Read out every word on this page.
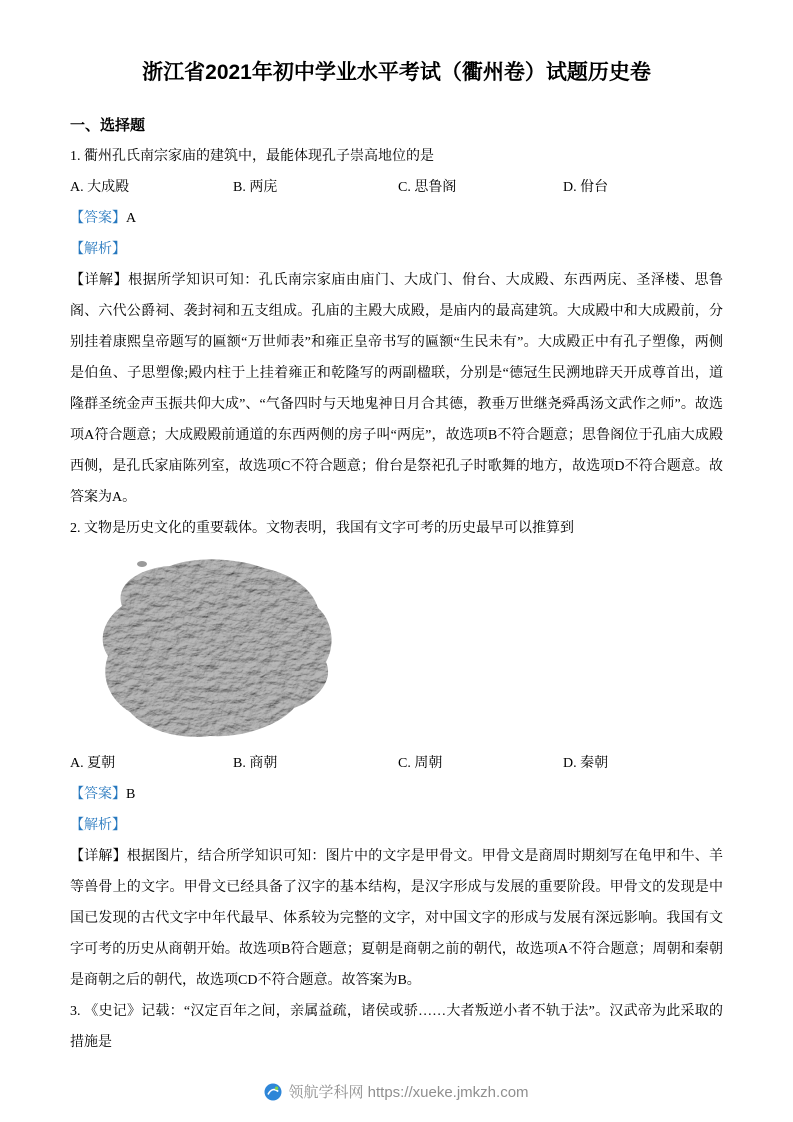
浙江省2021年初中学业水平考试（衢州卷）试题历史卷
一、选择题
1. 衢州孔氏南宗家庙的建筑中，最能体现孔子崇高地位的是
A. 大成殿	B. 两庑	C. 思鲁阁	D. 佾台
【答案】A
【解析】

【详解】根据所学知识可知：孔氏南宗家庙由庙门、大成门、佾台、大成殿、东西两庑、圣泽楼、思鲁阁、六代公爵祠、袭封祠和五支组成。孔庙的主殿大成殿，是庙内的最高建筑。大成殿中和大成殿前，分别挂着康熙皇帝题写的匾额“万世师表”和雍正皇帝书写的匾额“生民未有”。大成殿正中有孔子塑像，两侧是伯鱼、子思塑像;殿内柱于上挂着雍正和乾隆写的两副楹联，分别是“德冠生民溯地辟天开成尊首出，道隆群圣统金声玉振共仰大成”、“气备四时与天地鬼神日月合其德，教垂万世继尧舜禹汤文武作之师”。故选项A符合题意；大成殿殿前通道的东西两侧的房子叫“两庑”，故选项B不符合题意；思鲁阁位于孔庙大成殿西侧，是孔氏家庙陈列室，故选项C不符合题意；佾台是祭祀孔子时歌舞的地方，故选项D不符合题意。故答案为A。

2. 文物是历史文化的重要载体。文物表明，我国有文字可考的历史最早可以推算到
A. 夏朝	B. 商朝	C. 周朝	D. 秦朝
【答案】B
【解析】

【详解】根据图片，结合所学知识可知：图片中的文字是甲骨文。甲骨文是商周时期刻写在龟甲和牛、羊等兽骨上的文字。甲骨文已经具备了汉字的基本结构，是汉字形成与发展的重要阶段。甲骨文的发现是中国已发现的古代文字中年代最早、体系较为完整的文字，对中国文字的形成与发展有深远影响。我国有文字可考的历史从商朝开始。故选项B符合题意；夏朝是商朝之前的朝代，故选项A不符合题意；周朝和秦朝是商朝之后的朝代，故选项CD不符合题意。故答案为B。

3. 《史记》记载：“汉定百年之间，亲属益疏，诸侯或骄……大者叛逆小者不轨于法”。汉武帝为此采取的措施是
领航学科网 https://xueke.jmkzh.com
